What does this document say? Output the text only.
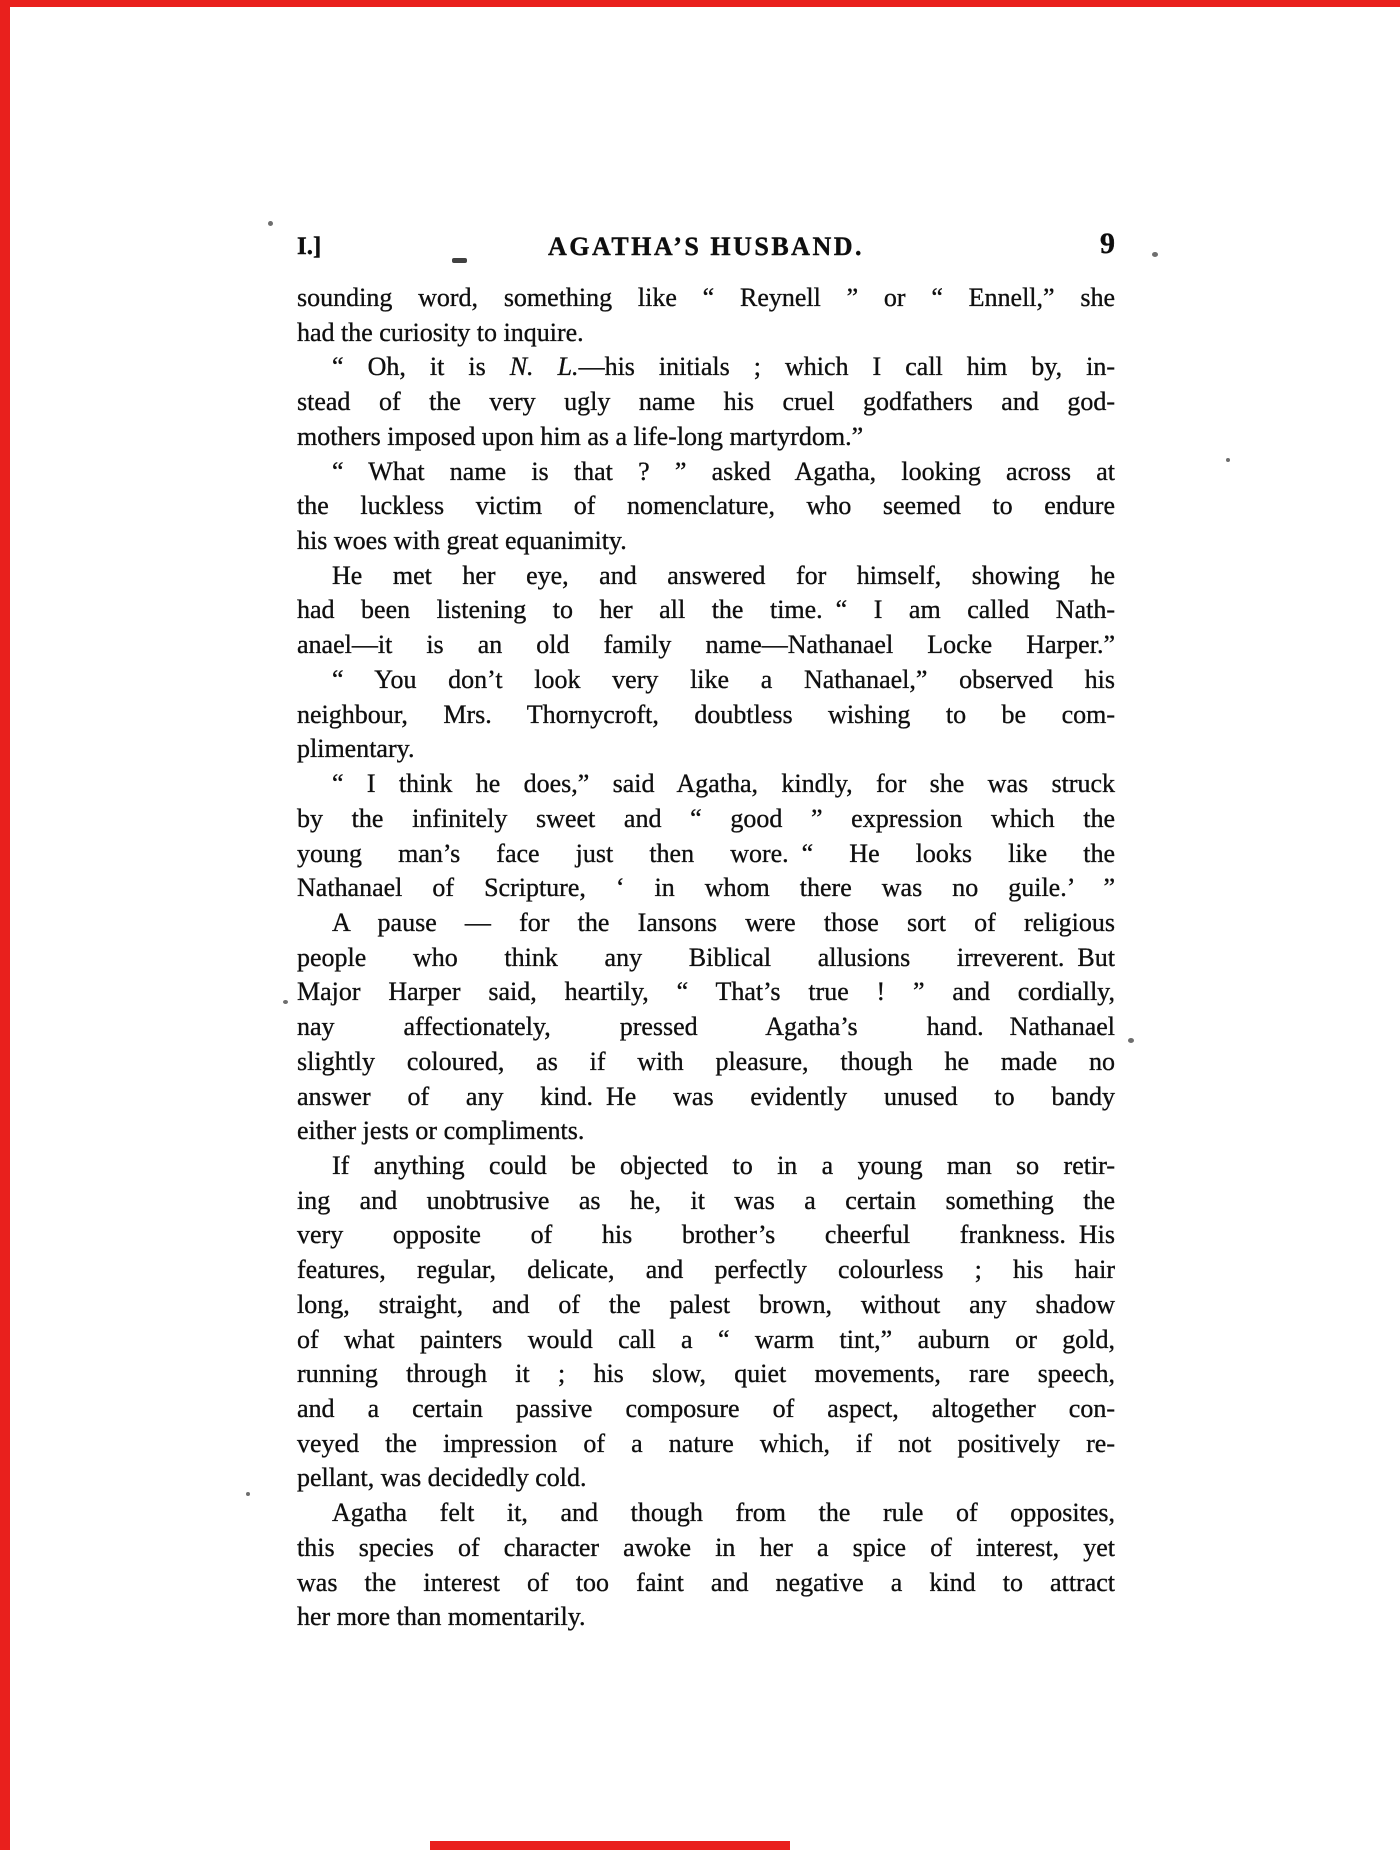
I.]	AGATHA’S HUSBAND.	9
sounding word, something like “ Reynell ” or “ Ennell,” she
had the curiosity to inquire.
“ Oh, it is N. L.—his initials ; which I call him by, in-
stead of the very ugly name his cruel godfathers and god-
mothers imposed upon him as a life-long martyrdom.”
“ What name is that ? ” asked Agatha, looking across at
the luckless victim of nomenclature, who seemed to endure
his woes with great equanimity.
He met her eye, and answered for himself, showing he
had been listening to her all the time. “ I am called Nath-
anael—it is an old family name—Nathanael Locke Harper.”
“ You don’t look very like a Nathanael,” observed his
neighbour, Mrs. Thornycroft, doubtless wishing to be com-
plimentary.
“ I think he does,” said Agatha, kindly, for she was struck
by the infinitely sweet and “ good ” expression which the
young man’s face just then wore. “ He looks like the
Nathanael of Scripture, ‘ in whom there was no guile.’ ”
A pause — for the Iansons were those sort of religious
people who think any Biblical allusions irreverent. But
Major Harper said, heartily, “ That’s true ! ” and cordially,
nay affectionately, pressed Agatha’s hand. Nathanael
slightly coloured, as if with pleasure, though he made no
answer of any kind. He was evidently unused to bandy
either jests or compliments.
If anything could be objected to in a young man so retir-
ing and unobtrusive as he, it was a certain something the
very opposite of his brother’s cheerful frankness. His
features, regular, delicate, and perfectly colourless ; his hair
long, straight, and of the palest brown, without any shadow
of what painters would call a “ warm tint,” auburn or gold,
running through it ; his slow, quiet movements, rare speech,
and a certain passive composure of aspect, altogether con-
veyed the impression of a nature which, if not positively re-
pellant, was decidedly cold.
Agatha felt it, and though from the rule of opposites,
this species of character awoke in her a spice of interest, yet
was the interest of too faint and negative a kind to attract
her more than momentarily.
